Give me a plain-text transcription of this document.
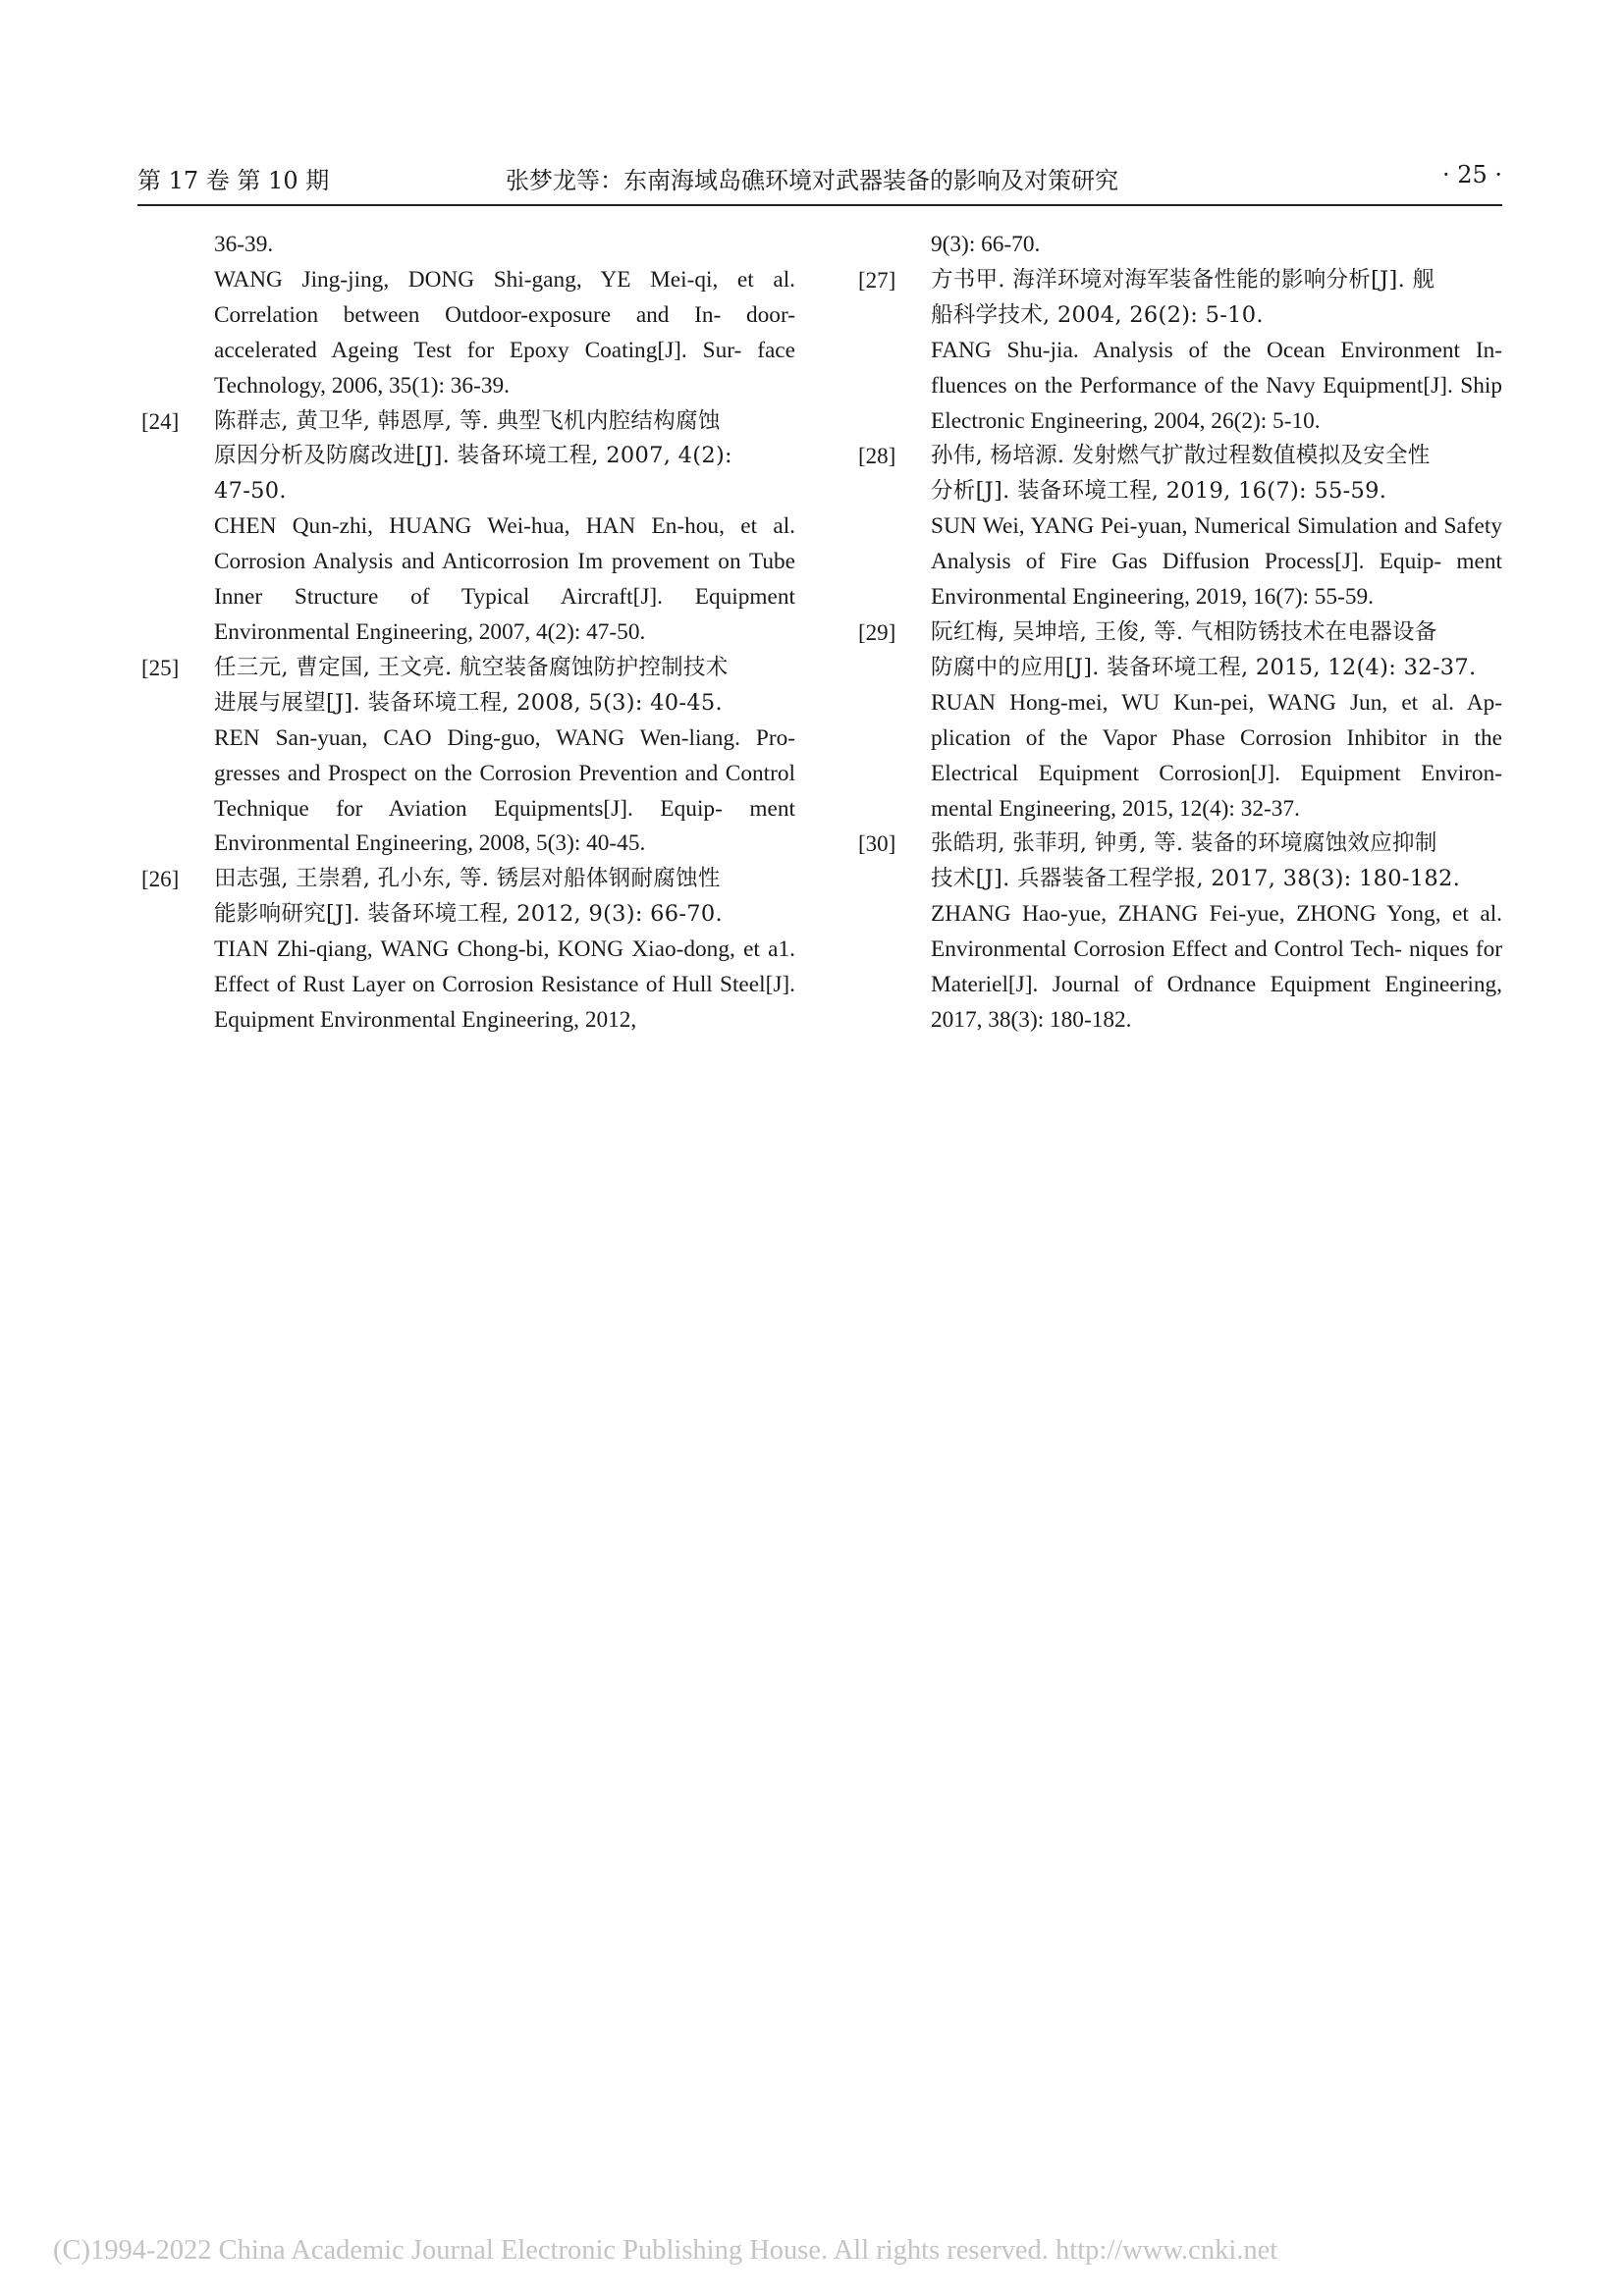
第 17 卷 第 10 期	张梦龙等：东南海域岛礁环境对武器装备的影响及对策研究	· 25 ·

36-39.

WANG Jing-jing, DONG Shi-gang, YE Mei-qi, et al. Correlation between Outdoor-exposure and In- door-accelerated Ageing Test for Epoxy Coating[J]. Sur- face Technology, 2006, 35(1): 36-39.

[24] 陈群志, 黄卫华, 韩恩厚, 等. 典型飞机内腔结构腐蚀

原因分析及防腐改进[J]. 装备环境工程, 2007, 4(2):

47-50.

CHEN Qun-zhi, HUANG Wei-hua, HAN En-hou, et al. Corrosion Analysis and Anticorrosion Im provement on Tube Inner Structure of Typical Aircraft[J]. Equipment Environmental Engineering, 2007, 4(2): 47-50.

[25] 任三元, 曹定国, 王文亮. 航空装备腐蚀防护控制技术

进展与展望[J]. 装备环境工程, 2008, 5(3): 40-45.

REN San-yuan, CAO Ding-guo, WANG Wen-liang. Pro- gresses and Prospect on the Corrosion Prevention and Control Technique for Aviation Equipments[J]. Equip- ment Environmental Engineering, 2008, 5(3): 40-45.

[26] 田志强, 王崇碧, 孔小东, 等. 锈层对船体钢耐腐蚀性

能影响研究[J]. 装备环境工程, 2012, 9(3): 66-70.

TIAN Zhi-qiang, WANG Chong-bi, KONG Xiao-dong, et a1. Effect of Rust Layer on Corrosion Resistance of Hull Steel[J]. Equipment Environmental Engineering, 2012,

9(3): 66-70.

[27] 方书甲. 海洋环境对海军装备性能的影响分析[J]. 舰

船科学技术, 2004, 26(2): 5-10.

FANG Shu-jia. Analysis of the Ocean Environment In- fluences on the Performance of the Navy Equipment[J]. Ship Electronic Engineering, 2004, 26(2): 5-10.

[28] 孙伟, 杨培源. 发射燃气扩散过程数值模拟及安全性

分析[J]. 装备环境工程, 2019, 16(7): 55-59.

SUN Wei, YANG Pei-yuan, Numerical Simulation and Safety Analysis of Fire Gas Diffusion Process[J]. Equip- ment Environmental Engineering, 2019, 16(7): 55-59.

[29] 阮红梅, 吴坤培, 王俊, 等. 气相防锈技术在电器设备

防腐中的应用[J]. 装备环境工程, 2015, 12(4): 32-37.

RUAN Hong-mei, WU Kun-pei, WANG Jun, et al. Ap- plication of the Vapor Phase Corrosion Inhibitor in the Electrical Equipment Corrosion[J]. Equipment Environ- mental Engineering, 2015, 12(4): 32-37.

[30] 张皓玥, 张菲玥, 钟勇, 等. 装备的环境腐蚀效应抑制

技术[J]. 兵器装备工程学报, 2017, 38(3): 180-182.

ZHANG Hao-yue, ZHANG Fei-yue, ZHONG Yong, et al. Environmental Corrosion Effect and Control Tech- niques for Materiel[J]. Journal of Ordnance Equipment Engineering, 2017, 38(3): 180-182.

(C)1994-2022 China Academic Journal Electronic Publishing House. All rights reserved. http://www.cnki.net
